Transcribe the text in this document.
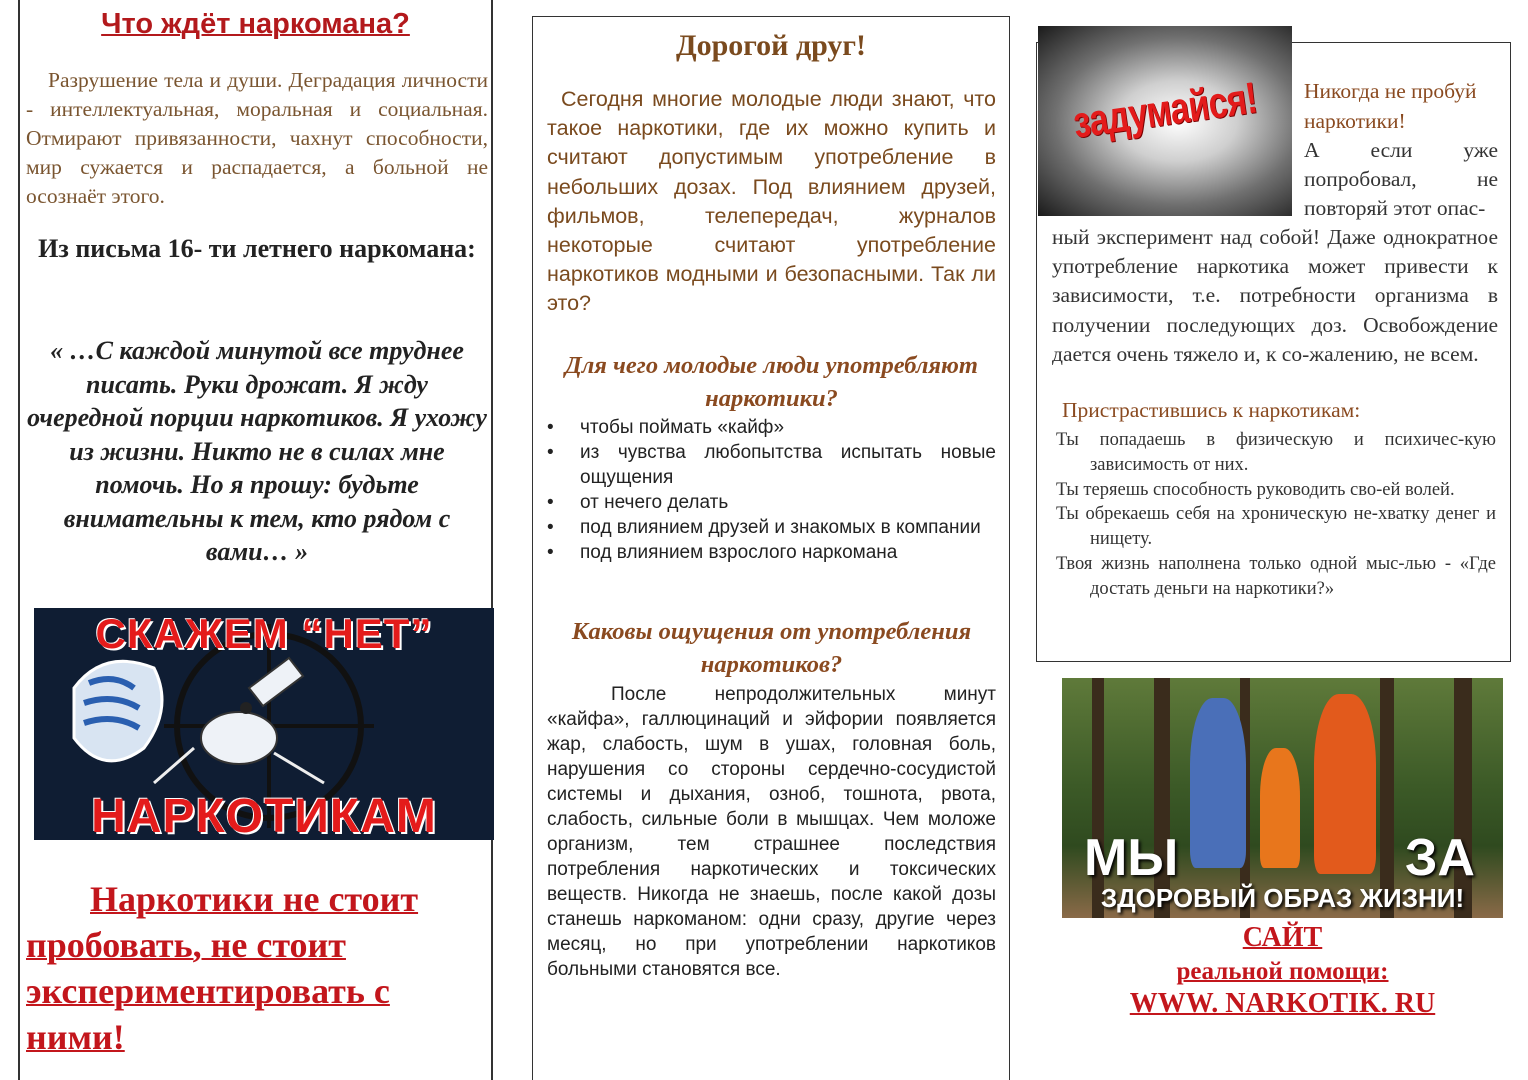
Что ждёт наркомана?
Разрушение тела и души. Деградация личности - интеллектуальная, моральная и социальная. Отмирают привязанности, чахнут способности, мир сужается и распадается, а больной не осознаёт этого.
Из письма 16- ти летнего наркомана:
« …С каждой минутой все труднее писать. Руки дрожат. Я жду очередной порции наркотиков. Я ухожу из жизни. Никто не в силах мне помочь. Но я прошу: будьте внимательны к тем, кто рядом с вами… »
СКАЖЕМ “НЕТ”
НАРКОТИКАМ
Наркотики не стоит пробовать, не стоит экспериментировать с ними!
Дорогой друг!
Сегодня многие молодые люди знают, что такое наркотики, где их можно купить и считают допустимым употребление в небольших дозах. Под влиянием друзей, фильмов, телепередач, журналов некоторые считают употребление наркотиков модными и безопасными. Так ли это?
Для чего молодые люди употребляют наркотики?
• чтобы поймать «кайф»
• из чувства любопытства испытать новые ощущения
• от нечего делать
• под влиянием друзей и знакомых в компании
• под влиянием взрослого наркомана
Каковы ощущения от употребления наркотиков?
После непродолжительных минут «кайфа», галлюцинаций и эйфории появляется жар, слабость, шум в ушах, головная боль, нарушения со стороны сердечно-сосудистой системы и дыхания, озноб, тошнота, рвота, слабость, сильные боли в мышцах. Чем моложе организм, тем страшнее последствия потребления наркотических и токсических веществ. Никогда не знаешь, после какой дозы станешь наркоманом: одни сразу, другие через месяц, но при употреблении наркотиков больными становятся все.
задумайся!	Никогда не пробуй наркотики!
А если уже попробовал, не повторяй этот опас-
ный эксперимент над собой! Даже однократное употребление наркотика может привести к зависимости, т.е. потребности организма в получении последующих доз. Освобождение дается очень тяжело и, к со-жалению, не всем.
Пристрастившись к наркотикам:
Ты попадаешь в физическую и психичес-кую зависимость от них.
Ты теряешь способность руководить сво-ей волей.
Ты обрекаешь себя на хроническую не-хватку денег и нищету.
Твоя жизнь наполнена только одной мыс-лью - «Где достать деньги на наркотики?»
МЫ	ЗА
ЗДОРОВЫЙ ОБРАЗ ЖИЗНИ!
САЙТ
реальной помощи:
WWW. NARKOTIK. RU
